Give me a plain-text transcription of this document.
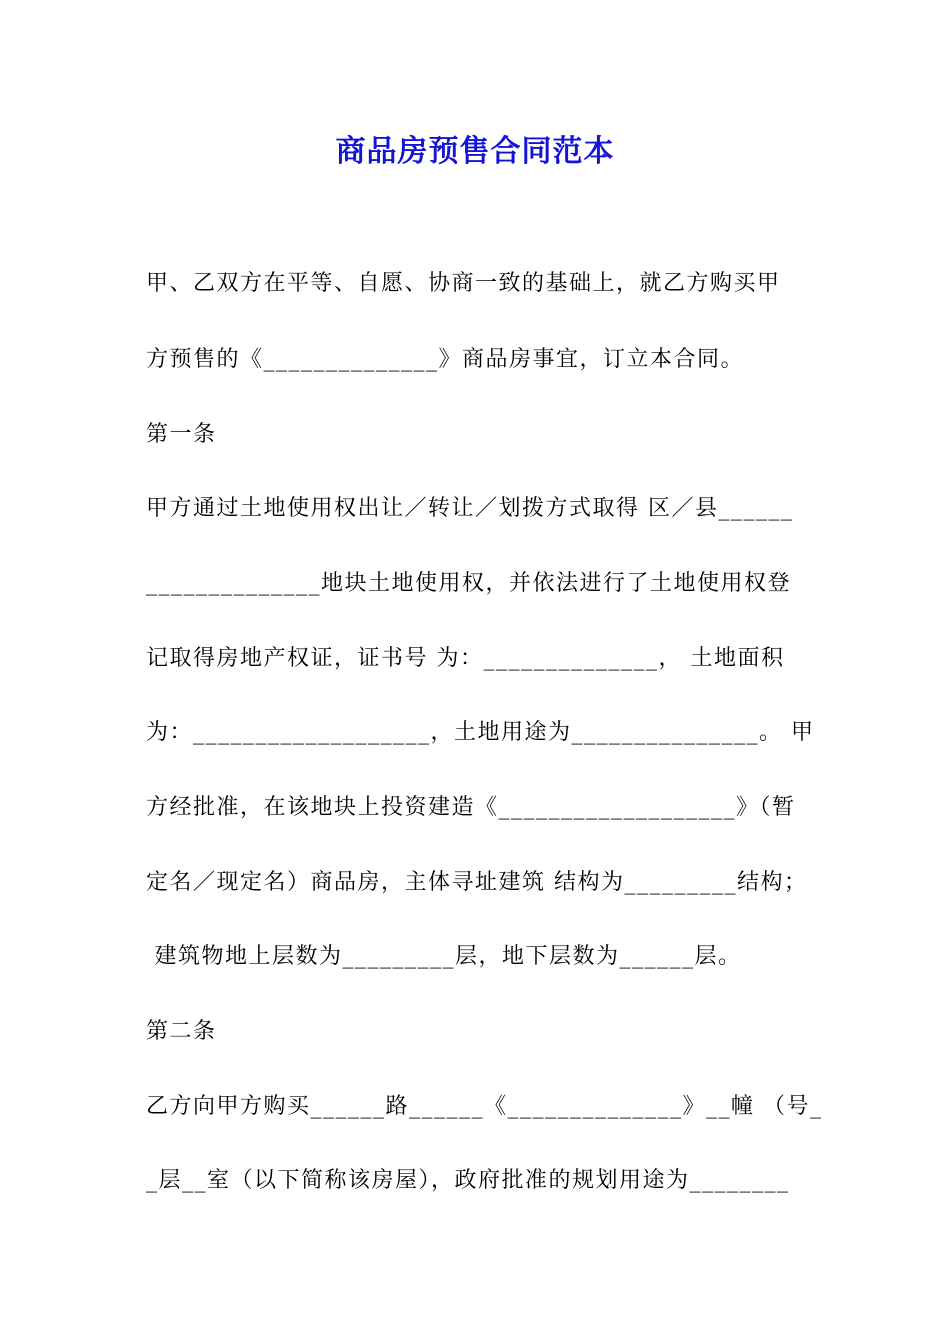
商品房预售合同范本
甲、乙双方在平等、自愿、协商一致的基础上，就乙方购买甲
方预售的《______________》商品房事宜，订立本合同。
第一条
甲方通过土地使用权出让／转让／划拨方式取得 区／县______
______________地块土地使用权，并依法进行了土地使用权登
记取得房地产权证，证书号 为：______________， 土地面积
为：___________________，土地用途为_______________。 甲
方经批准，在该地块上投资建造《___________________》（暂
定名／现定名）商品房，主体寻址建筑 结构为_________结构；
建筑物地上层数为_________层，地下层数为______层。
第二条
乙方向甲方购买______路______《______________》__幢 （号_
_层__室（以下简称该房屋），政府批准的规划用途为________
